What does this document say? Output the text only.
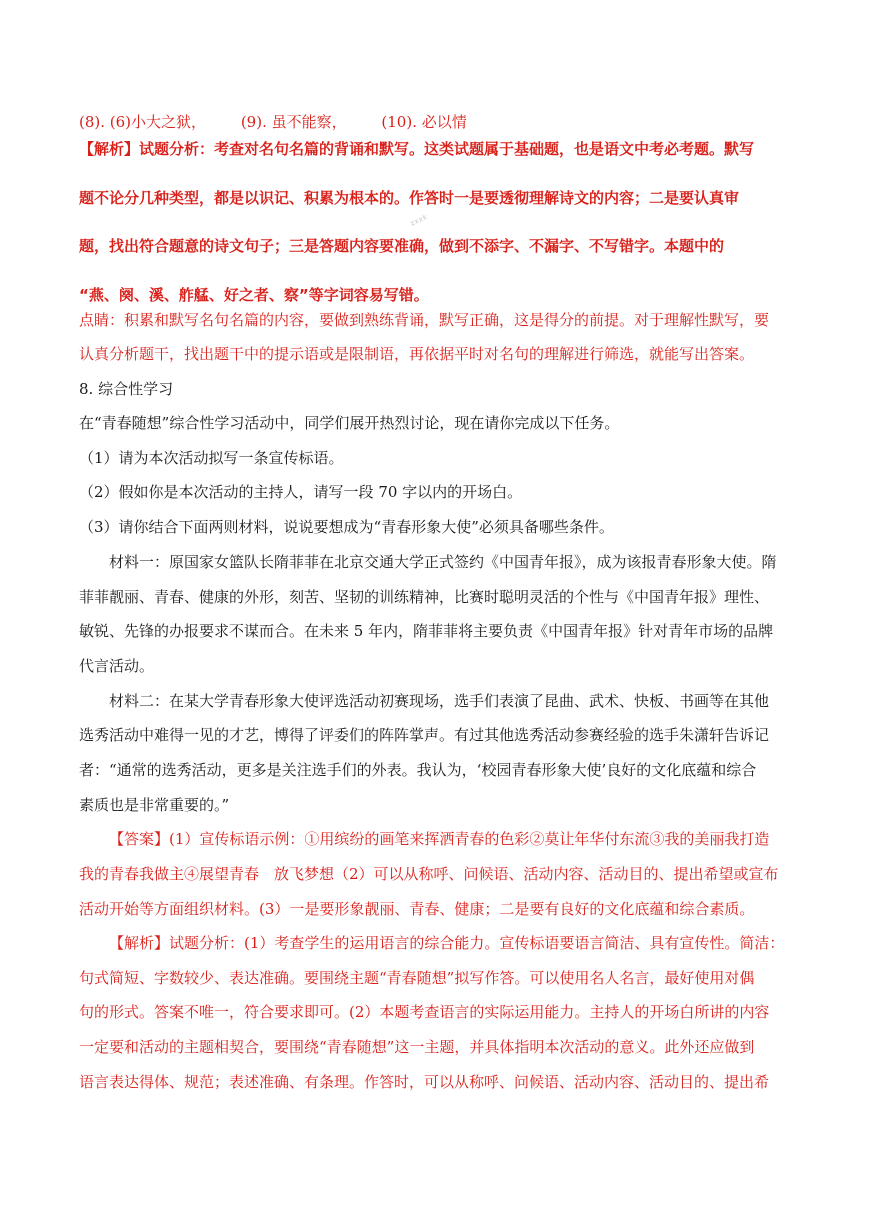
(8). (6)小大之狱， (9). 虽不能察， (10). 必以情
【解析】试题分析：考查对名句名篇的背诵和默写。这类试题属于基础题，也是语文中考必考题。默写
题不论分几种类型，都是以识记、积累为根本的。作答时一是要透彻理解诗文的内容；二是要认真审
题，找出符合题意的诗文句子；三是答题内容要准确，做到不添字、不漏字、不写错字。本题中的
“燕、阕、溪、舴艋、好之者、察”等字词容易写错。
zxxk
点睛：积累和默写名句名篇的内容，要做到熟练背诵，默写正确，这是得分的前提。对于理解性默写，要
认真分析题干，找出题干中的提示语或是限制语，再依据平时对名句的理解进行筛选，就能写出答案。
8. 综合性学习
在“青春随想”综合性学习活动中，同学们展开热烈讨论，现在请你完成以下任务。
（1）请为本次活动拟写一条宣传标语。
（2）假如你是本次活动的主持人，请写一段 70 字以内的开场白。
（3）请你结合下面两则材料，说说要想成为“青春形象大使”必须具备哪些条件。
材料一：原国家女篮队长隋菲菲在北京交通大学正式签约《中国青年报》，成为该报青春形象大使。隋
菲菲靓丽、青春、健康的外形，刻苦、坚韧的训练精神，比赛时聪明灵活的个性与《中国青年报》理性、
敏锐、先锋的办报要求不谋而合。在未来 5 年内，隋菲菲将主要负责《中国青年报》针对青年市场的品牌
代言活动。
材料二：在某大学青春形象大使评选活动初赛现场，选手们表演了昆曲、武术、快板、书画等在其他
选秀活动中难得一见的才艺，博得了评委们的阵阵掌声。有过其他选秀活动参赛经验的选手朱潇轩告诉记
者：“通常的选秀活动，更多是关注选手们的外表。我认为，‘校园青春形象大使’良好的文化底蕴和综合
素质也是非常重要的。”
【答案】(1）宣传标语示例：①用缤纷的画笔来挥洒青春的色彩②莫让年华付东流③我的美丽我打造
我的青春我做主④展望青春　放飞梦想（2）可以从称呼、问候语、活动内容、活动目的、提出希望或宣布
活动开始等方面组织材料。(3）一是要形象靓丽、青春、健康；二是要有良好的文化底蕴和综合素质。
【解析】试题分析：(1）考查学生的运用语言的综合能力。宣传标语要语言简洁、具有宣传性。简洁：
句式简短、字数较少、表达准确。要围绕主题“青春随想”拟写作答。可以使用名人名言，最好使用对偶
句的形式。答案不唯一，符合要求即可。(2）本题考查语言的实际运用能力。主持人的开场白所讲的内容
一定要和活动的主题相契合，要围绕“青春随想”这一主题，并具体指明本次活动的意义。此外还应做到
语言表达得体、规范；表述准确、有条理。作答时，可以从称呼、问候语、活动内容、活动目的、提出希
